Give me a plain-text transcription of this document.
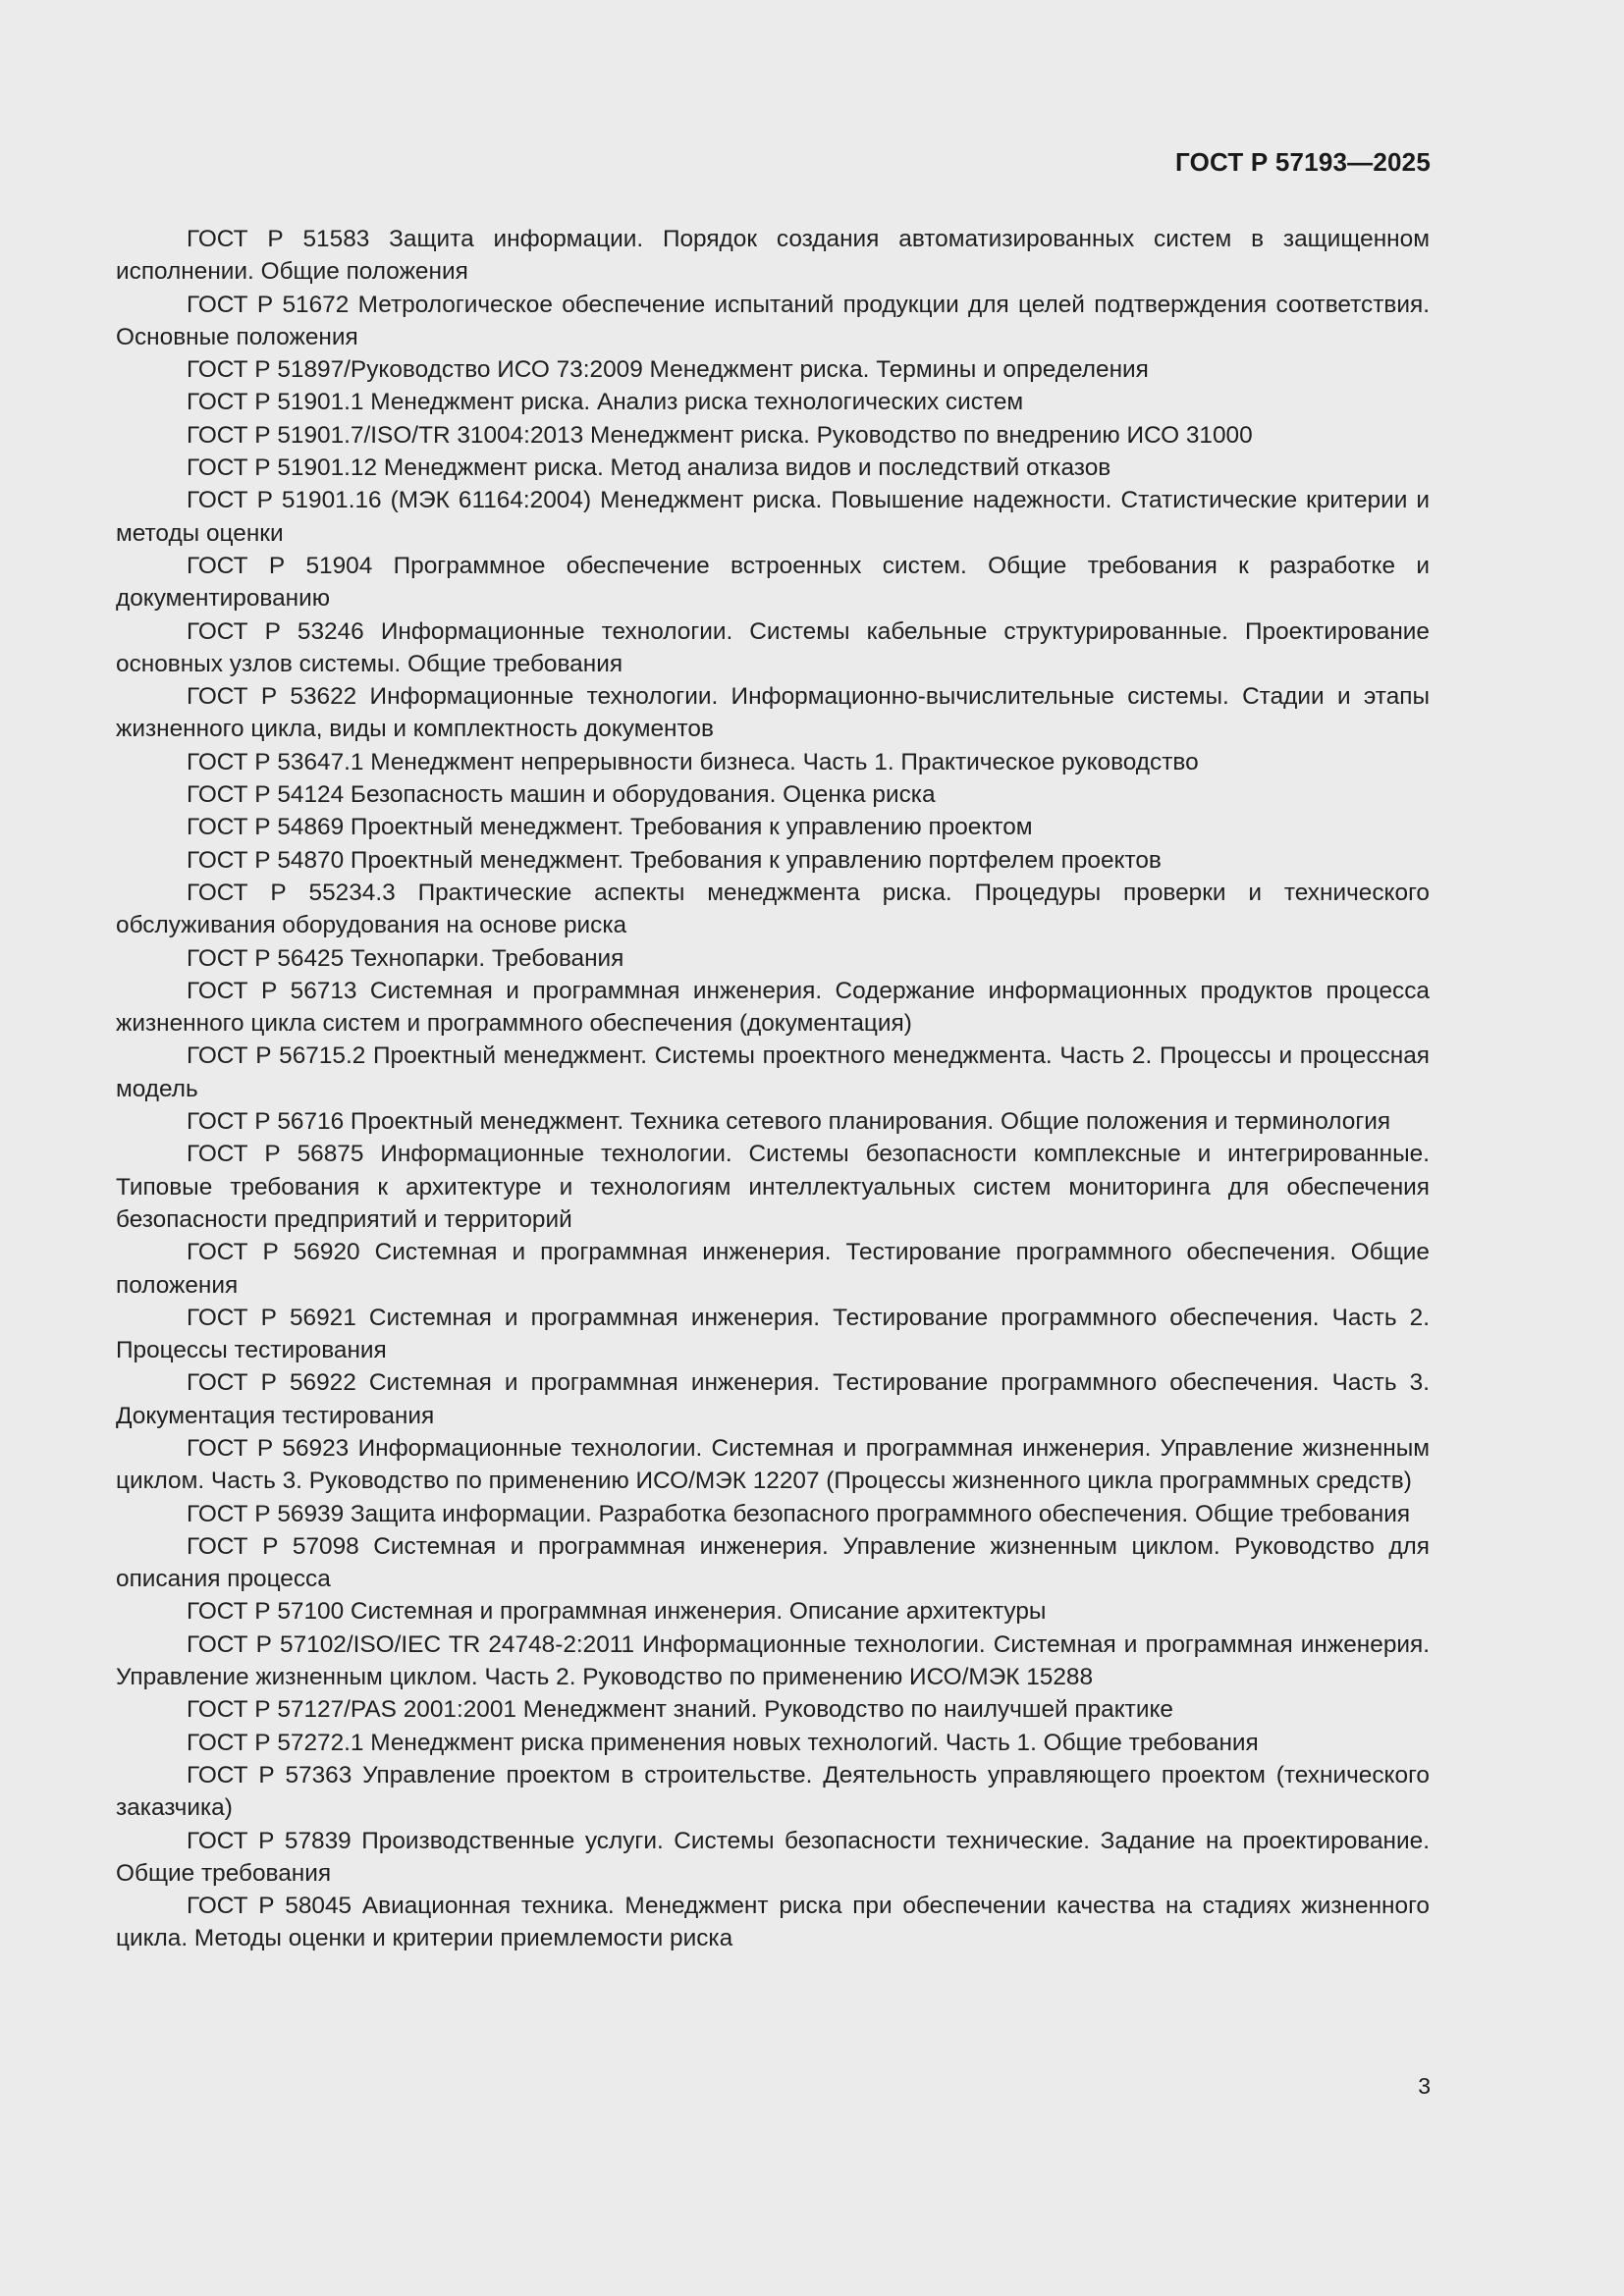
ГОСТ Р 57193—2025
ГОСТ Р 51583 Защита информации. Порядок создания автоматизированных систем в защищенном исполнении. Общие положения
ГОСТ Р 51672 Метрологическое обеспечение испытаний продукции для целей подтверждения соответствия. Основные положения
ГОСТ Р 51897/Руководство ИСО 73:2009 Менеджмент риска. Термины и определения
ГОСТ Р 51901.1 Менеджмент риска. Анализ риска технологических систем
ГОСТ Р 51901.7/ISO/TR 31004:2013 Менеджмент риска. Руководство по внедрению ИСО 31000
ГОСТ Р 51901.12 Менеджмент риска. Метод анализа видов и последствий отказов
ГОСТ Р 51901.16 (МЭК 61164:2004) Менеджмент риска. Повышение надежности. Статистические критерии и методы оценки
ГОСТ Р 51904 Программное обеспечение встроенных систем. Общие требования к разработке и документированию
ГОСТ Р 53246 Информационные технологии. Системы кабельные структурированные. Проектирование основных узлов системы. Общие требования
ГОСТ Р 53622 Информационные технологии. Информационно-вычислительные системы. Стадии и этапы жизненного цикла, виды и комплектность документов
ГОСТ Р 53647.1 Менеджмент непрерывности бизнеса. Часть 1. Практическое руководство
ГОСТ Р 54124 Безопасность машин и оборудования. Оценка риска
ГОСТ Р 54869 Проектный менеджмент. Требования к управлению проектом
ГОСТ Р 54870 Проектный менеджмент. Требования к управлению портфелем проектов
ГОСТ Р 55234.3 Практические аспекты менеджмента риска. Процедуры проверки и технического обслуживания оборудования на основе риска
ГОСТ Р 56425 Технопарки. Требования
ГОСТ Р 56713 Системная и программная инженерия. Содержание информационных продуктов процесса жизненного цикла систем и программного обеспечения (документация)
ГОСТ Р 56715.2 Проектный менеджмент. Системы проектного менеджмента. Часть 2. Процессы и процессная модель
ГОСТ Р 56716 Проектный менеджмент. Техника сетевого планирования. Общие положения и терминология
ГОСТ Р 56875 Информационные технологии. Системы безопасности комплексные и интегрированные. Типовые требования к архитектуре и технологиям интеллектуальных систем мониторинга для обеспечения безопасности предприятий и территорий
ГОСТ Р 56920 Системная и программная инженерия. Тестирование программного обеспечения. Общие положения
ГОСТ Р 56921 Системная и программная инженерия. Тестирование программного обеспечения. Часть 2. Процессы тестирования
ГОСТ Р 56922 Системная и программная инженерия. Тестирование программного обеспечения. Часть 3. Документация тестирования
ГОСТ Р 56923 Информационные технологии. Системная и программная инженерия. Управление жизненным циклом. Часть 3. Руководство по применению ИСО/МЭК 12207 (Процессы жизненного цикла программных средств)
ГОСТ Р 56939 Защита информации. Разработка безопасного программного обеспечения. Общие требования
ГОСТ Р 57098 Системная и программная инженерия. Управление жизненным циклом. Руководство для описания процесса
ГОСТ Р 57100 Системная и программная инженерия. Описание архитектуры
ГОСТ Р 57102/ISO/IEC TR 24748-2:2011 Информационные технологии. Системная и программная инженерия. Управление жизненным циклом. Часть 2. Руководство по применению ИСО/МЭК 15288
ГОСТ Р 57127/PAS 2001:2001 Менеджмент знаний. Руководство по наилучшей практике
ГОСТ Р 57272.1 Менеджмент риска применения новых технологий. Часть 1. Общие требования
ГОСТ Р 57363 Управление проектом в строительстве. Деятельность управляющего проектом (технического заказчика)
ГОСТ Р 57839 Производственные услуги. Системы безопасности технические. Задание на проектирование. Общие требования
ГОСТ Р 58045 Авиационная техника. Менеджмент риска при обеспечении качества на стадиях жизненного цикла. Методы оценки и критерии приемлемости риска
3
